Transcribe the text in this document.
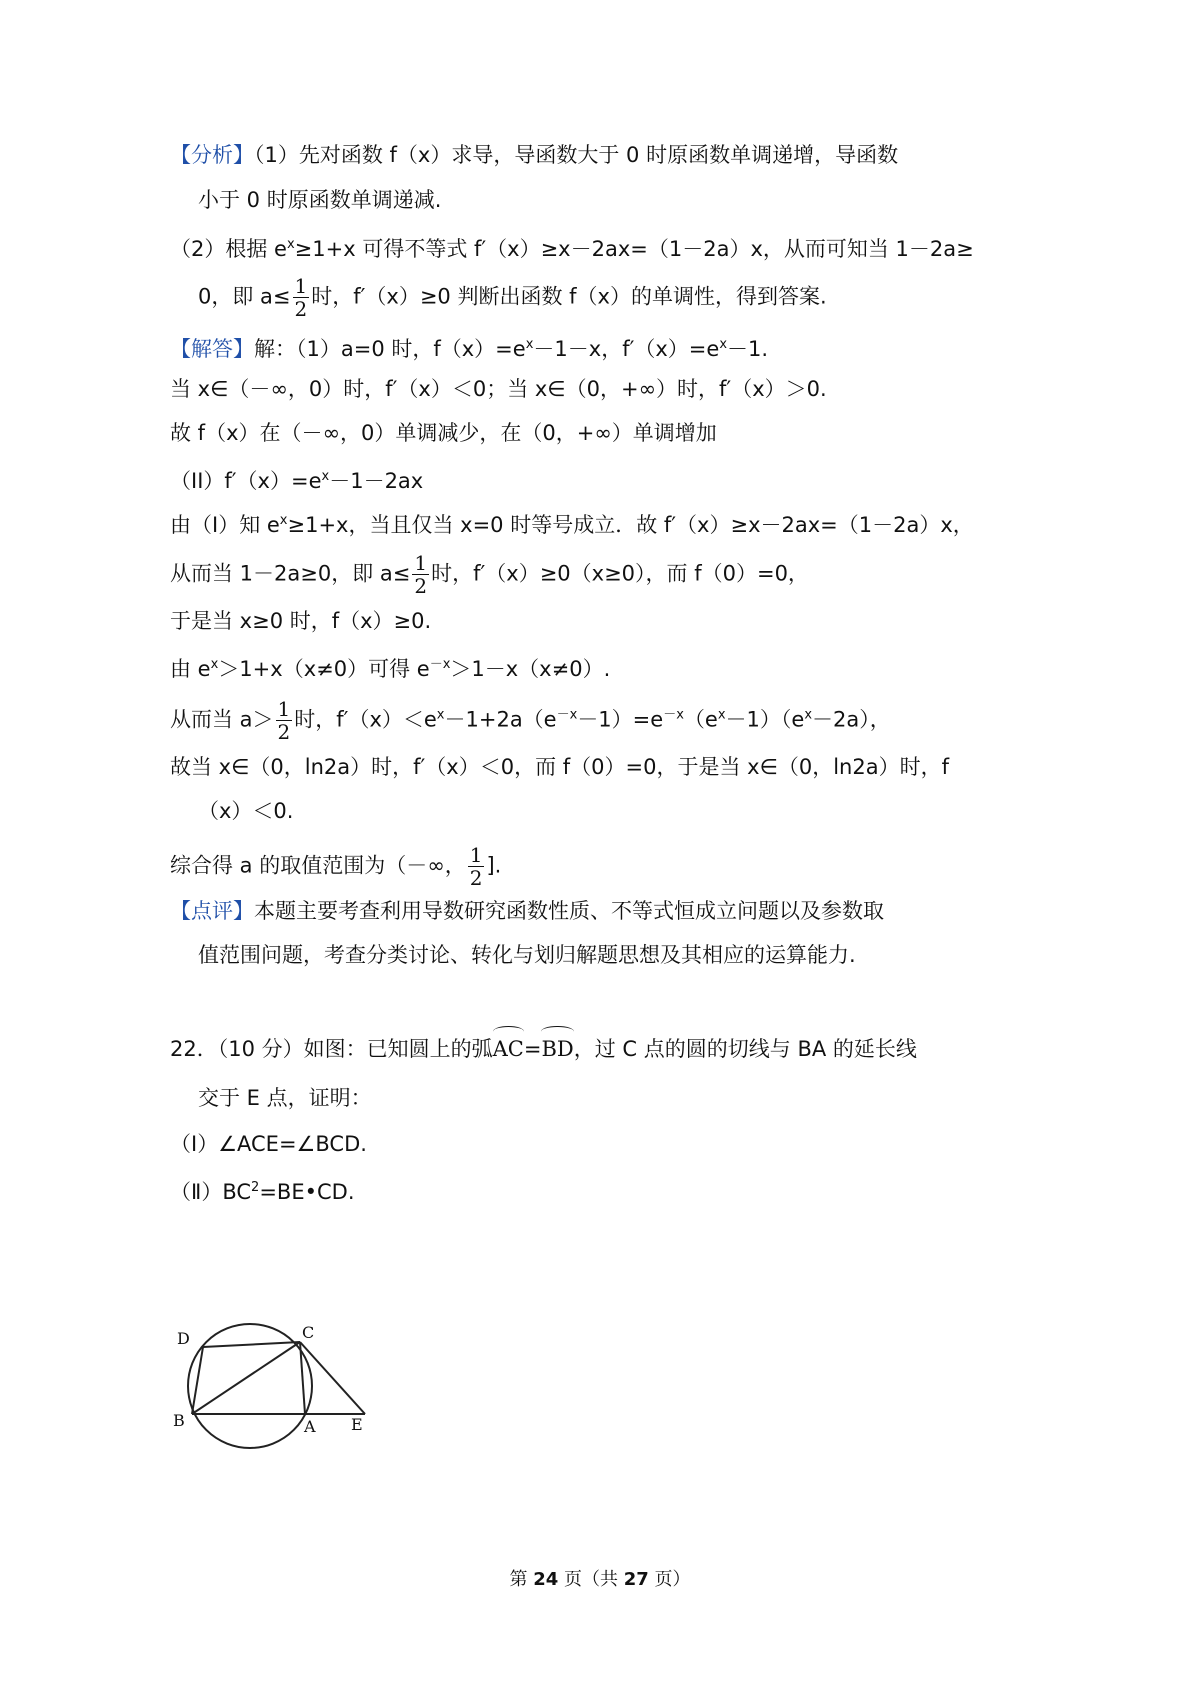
【分析】（1）先对函数 f（x）求导，导函数大于 0 时原函数单调递增，导函数
小于 0 时原函数单调递减.
（2）根据 $e^x\ge 1+x$ 可得不等式 f′（x）≥x－2ax=（1－2a）x，从而可知当 1－2a≥
0，即 $a\le \frac{1}{2}$ 时，f′（x）≥0 判断出函数 f（x）的单调性，得到答案.
【解答】解：（1）a=0 时，$f(x)=e^x-1-x$，$f'(x)=e^x-1$.
当 x∈（－∞，0）时，f′（x）＜0；当 x∈（0，+∞）时，f′（x）＞0.
故 f（x）在（－∞，0）单调减少，在（0，+∞）单调增加
$(II)f'(x)=e^x-1-2ax$
由（I）知 $e^x\ge 1+x$，当且仅当 x=0 时等号成立．故 f′（x）≥x－2ax=（1－2a）x，
从而当 1－2a≥0，即 $a\le \frac{1}{2}$ 时，f′（x）≥0（x≥0），而 f（0）=0，
于是当 x≥0 时，f（x）≥0.
由 $e^x>1+x(x\ne 0)$可得 $e^{-x}>1-x(x\ne 0)$.
从而当 $a> \frac{1}{2}$ 时，$f'(x)<e^x-1+2a(e^{-x}-1)=e^{-x}(e^x-1)(e^x-2a)$，
故当 x∈（0，ln2a）时，f′（x）＜0，而 f（0）=0，于是当 x∈（0，ln2a）时，f
（x）＜0.
综合得 a 的取值范围为（－∞， $\frac{1}{2}$ ].
【点评】本题主要考查利用导数研究函数性质、不等式恒成立问题以及参数取
值范围问题，考查分类讨论、转化与划归解题思想及其相应的运算能力.
22．（10 分）如图：已知圆上的弧AC=BD，过 C 点的圆的切线与 BA 的延长线
交于 E 点，证明：
（Ⅰ）∠ACE=∠BCD.
$(Ⅱ)BC^2=BE•CD$.
D	C
B	A E
第 24 页（共 27 页）
